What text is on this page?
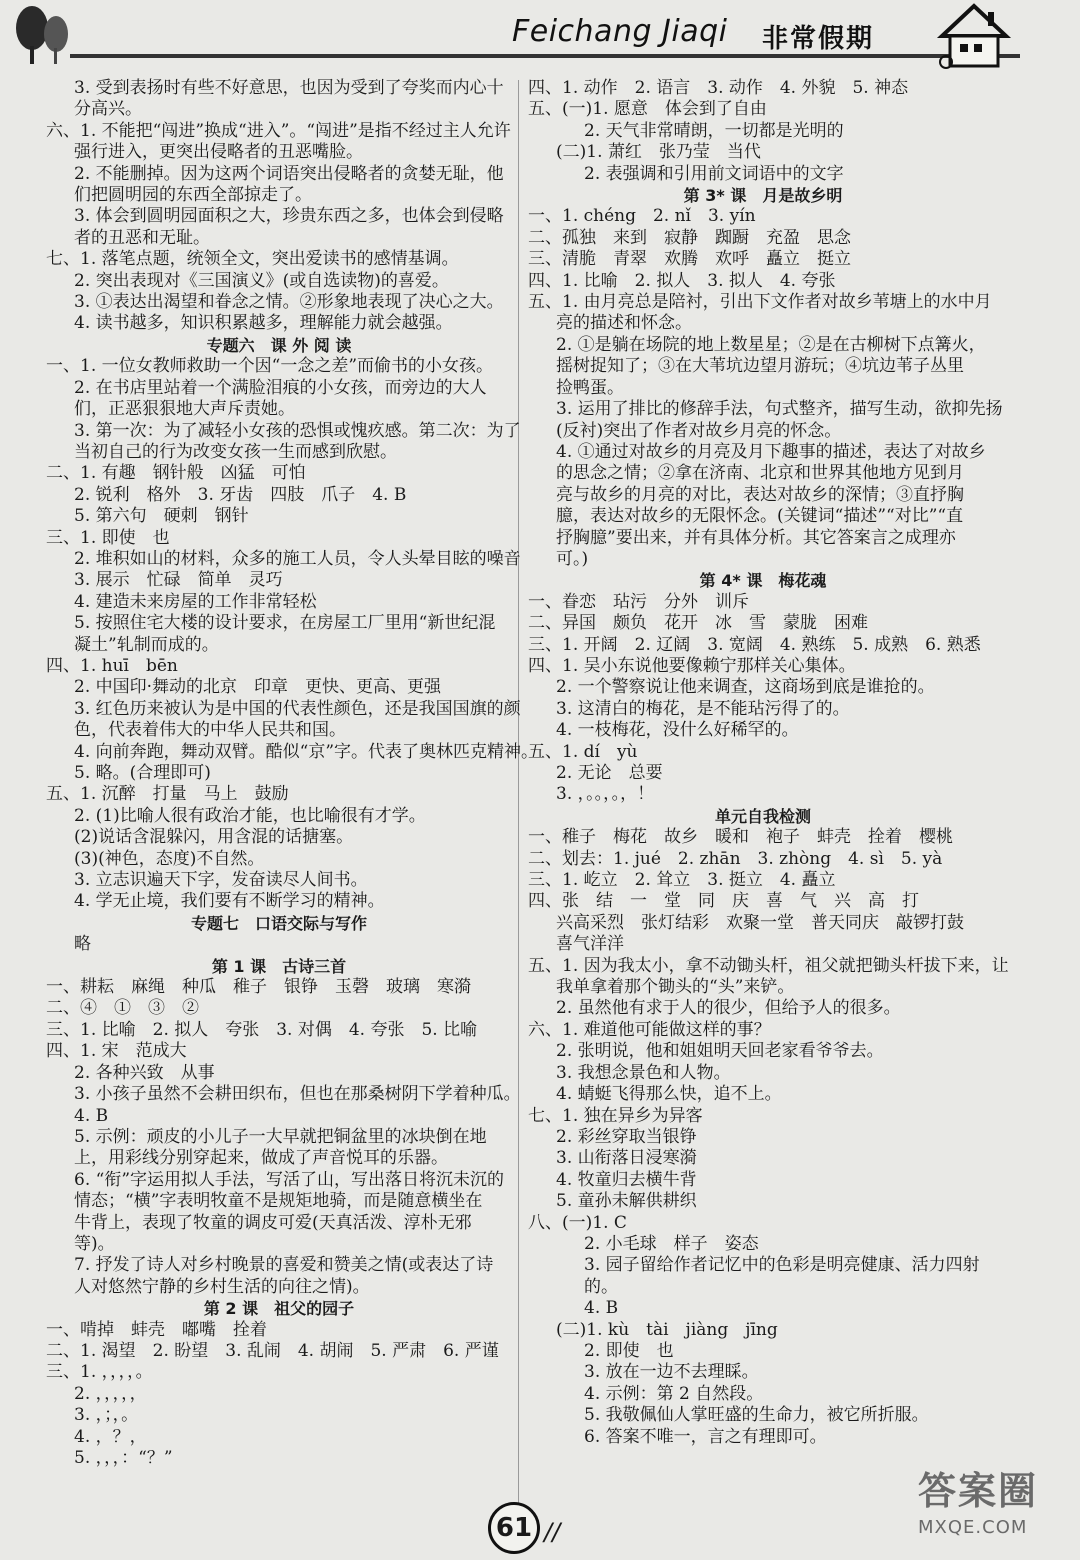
Feichang Jiaqi 非常假期
3. 受到表扬时有些不好意思，也因为受到了夸奖而内心十
分高兴。
六、1. 不能把“闯进”换成“进入”。“闯进”是指不经过主人允许
强行进入，更突出侵略者的丑恶嘴脸。
2. 不能删掉。因为这两个词语突出侵略者的贪婪无耻，他
们把圆明园的东西全部掠走了。
3. 体会到圆明园面积之大，珍贵东西之多，也体会到侵略
者的丑恶和无耻。
七、1. 落笔点题，统领全文，突出爱读书的感情基调。
2. 突出表现对《三国演义》(或自选读物)的喜爱。
3. ①表达出渴望和眷念之情。②形象地表现了决心之大。
4. 读书越多，知识积累越多，理解能力就会越强。
专题六　课 外 阅 读
一、1. 一位女教师救助一个因“一念之差”而偷书的小女孩。
2. 在书店里站着一个满脸泪痕的小女孩，而旁边的大人
们，正恶狠狠地大声斥责她。
3. 第一次：为了减轻小女孩的恐惧或愧疚感。第二次：为了
当初自己的行为改变女孩一生而感到欣慰。
二、1. 有趣　钢针般　凶猛　可怕
2. 锐利　格外　3. 牙齿　四肢　爪子　4. B
5. 第六句　硬刺　钢针
三、1. 即使　也
2. 堆积如山的材料，众多的施工人员，令人头晕目眩的噪音
3. 展示　忙碌　简单　灵巧
4. 建造未来房屋的工作非常轻松
5. 按照住宅大楼的设计要求，在房屋工厂里用“新世纪混
凝土”轧制而成的。
四、1. huī　bēn
2. 中国印·舞动的北京　印章　更快、更高、更强
3. 红色历来被认为是中国的代表性颜色，还是我国国旗的颜
色，代表着伟大的中华人民共和国。
4. 向前奔跑，舞动双臂。酷似“京”字。代表了奥林匹克精神。
5. 略。(合理即可)
五、1. 沉醉　打量　马上　鼓励
2. (1)比喻人很有政治才能，也比喻很有才学。
(2)说话含混躲闪，用含混的话搪塞。
(3)(神色，态度)不自然。
3. 立志识遍天下字，发奋读尽人间书。
4. 学无止境，我们要有不断学习的精神。
专题七　口语交际与写作
略
第 1 课　古诗三首
一、耕耘　麻绳　种瓜　稚子　银铮　玉磬　玻璃　寒漪
二、④　①　③　②
三、1. 比喻　2. 拟人　夸张　3. 对偶　4. 夸张　5. 比喻
四、1. 宋　范成大
2. 各种兴致　从事
3. 小孩子虽然不会耕田织布，但也在那桑树阴下学着种瓜。
4. B
5. 示例：顽皮的小儿子一大早就把铜盆里的冰块倒在地
上，用彩线分别穿起来，做成了声音悦耳的乐器。
6. “衔”字运用拟人手法，写活了山，写出落日将沉未沉的
情态；“横”字表明牧童不是规矩地骑，而是随意横坐在
牛背上，表现了牧童的调皮可爱(天真活泼、淳朴无邪
等)。
7. 抒发了诗人对乡村晚景的喜爱和赞美之情(或表达了诗
人对悠然宁静的乡村生活的向往之情)。
第 2 课　祖父的园子
一、啃掉　蚌壳　嘟嘴　拴着
二、1. 渴望　2. 盼望　3. 乱闹　4. 胡闹　5. 严肃　6. 严谨
三、1. ，，，，。
2. ，，，，，
3. ，；，。
4. ，？，
5. ，，，：“？”
四、1. 动作　2. 语言　3. 动作　4. 外貌　5. 神态
五、(一)1. 愿意　体会到了自由
2. 天气非常晴朗，一切都是光明的
(二)1. 萧红　张乃莹　当代
2. 表强调和引用前文词语中的文字
第 3* 课　月是故乡明
一、1. chéng　2. nǐ　3. yín
二、孤独　来到　寂静　踟蹰　充盈　思念
三、清脆　青翠　欢腾　欢呼　矗立　挺立
四、1. 比喻　2. 拟人　3. 拟人　4. 夸张
五、1. 由月亮总是陪衬，引出下文作者对故乡苇塘上的水中月
亮的描述和怀念。
2. ①是躺在场院的地上数星星；②是在古柳树下点篝火，
摇树捉知了；③在大苇坑边望月游玩；④坑边苇子丛里
捡鸭蛋。
3. 运用了排比的修辞手法，句式整齐，描写生动，欲抑先扬
(反衬)突出了作者对故乡月亮的怀念。
4. ①通过对故乡的月亮及月下趣事的描述，表达了对故乡
的思念之情；②拿在济南、北京和世界其他地方见到月
亮与故乡的月亮的对比，表达对故乡的深情；③直抒胸
臆，表达对故乡的无限怀念。(关键词“描述”“对比”“直
抒胸臆”要出来，并有具体分析。其它答案言之成理亦
可。)
第 4* 课　梅花魂
一、眷恋　玷污　分外　训斥
二、异国　颇负　花开　冰　雪　蒙胧　困难
三、1. 开阔　2. 辽阔　3. 宽阔　4. 熟练　5. 成熟　6. 熟悉
四、1. 吴小东说他要像赖宁那样关心集体。
2. 一个警察说让他来调查，这商场到底是谁抢的。
3. 这清白的梅花，是不能玷污得了的。
4. 一枝梅花，没什么好稀罕的。
五、1. dí　yù
2. 无论　总要
3. ，。。，。，！
单元自我检测
一、稚子　梅花　故乡　暖和　袍子　蚌壳　拴着　樱桃
二、划去：1. jué　2. zhān　3. zhòng　4. sì　5. yà
三、1. 屹立　2. 耸立　3. 挺立　4. 矗立
四、张　结　一　堂　同　庆　喜　气　兴　高　打
兴高采烈　张灯结彩　欢聚一堂　普天同庆　敲锣打鼓
喜气洋洋
五、1. 因为我太小，拿不动锄头杆，祖父就把锄头杆拔下来，让
我单拿着那个锄头的“头”来铲。
2. 虽然他有求于人的很少，但给予人的很多。
六、1. 难道他可能做这样的事？
2. 张明说，他和姐姐明天回老家看爷爷去。
3. 我想念景色和人物。
4. 蜻蜓飞得那么快，追不上。
七、1. 独在异乡为异客
2. 彩丝穿取当银铮
3. 山衔落日浸寒漪
4. 牧童归去横牛背
5. 童孙未解供耕织
八、(一)1. C
2. 小毛球　样子　姿态
3. 园子留给作者记忆中的色彩是明亮健康、活力四射
的。
4. B
(二)1. kù　tài　jiàng　jīng
2. 即使　也
3. 放在一边不去理睬。
4. 示例：第 2 自然段。
5. 我敬佩仙人掌旺盛的生命力，被它所折服。
6. 答案不唯一，言之有理即可。
61 //
答案圈
MXQE.COM
